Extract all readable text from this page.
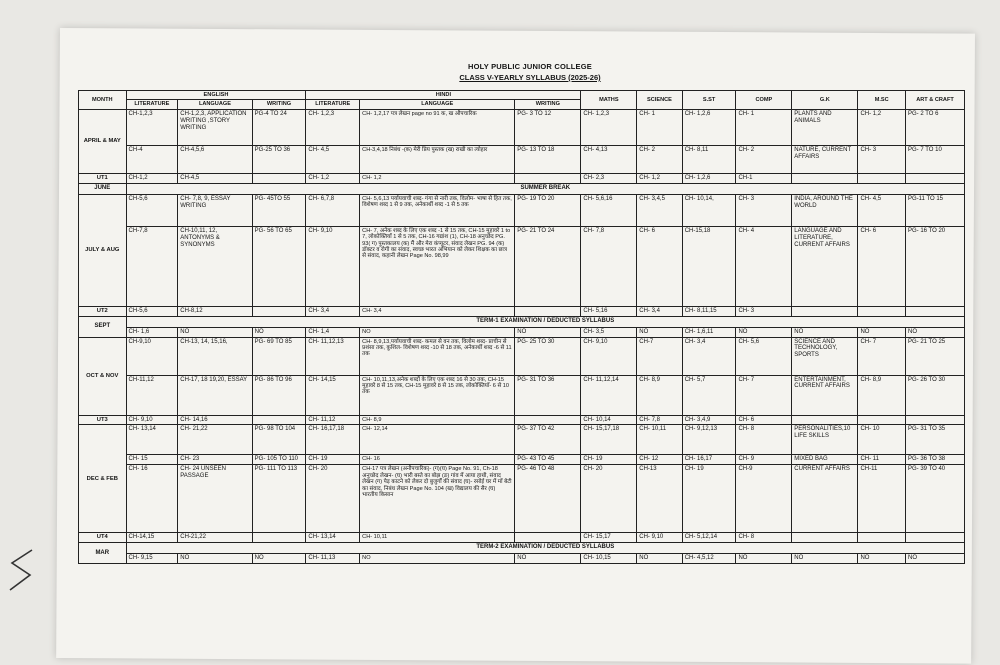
HOLY PUBLIC JUNIOR COLLEGE
CLASS V-YEARLY SYLLABUS (2025-26)
MONTH	ENGLISH			HINDI			MATHS	SCIENCE	S.ST	COMP	G.K	M.SC	ART & CRAFT
	LITERATURE	LANGUAGE	WRITING	LITERATURE	LANGUAGE	WRITING							
APRIL & MAY	CH-1,2,3	CH-1,2,3, APPLICATION WRITING ,STORY WRITING	PG-4 TO 24	CH- 1,2,3	CH- 1,2,17 पत्र लेखन page no 91 क, ख औपचारिक	PG- 3 TO 12	CH- 1,2,3	CH- 1	CH- 1,2,6	CH- 1	PLANTS AND ANIMALS	CH- 1,2	PG- 2 TO 6
	CH-4	CH-4,5,6	PG-25 TO 36	CH- 4,5	CH-3,4,18 निबंध -(क) मेरी प्रिय पुस्तक (ख) राखी का त्योहार	PG- 13 TO 18	CH- 4,13	CH- 2	CH- 8,11	CH- 2	NATURE, CURRENT AFFAIRS	CH- 3	PG- 7 TO 10
UT1	CH-1,2	CH-4,5		CH- 1,2	CH- 1,2		CH- 2,3	CH- 1,2	CH- 1,2,6	CH-1			
JUNE	SUMMER BREAK												
JULY & AUG	CH-5,6	CH- 7,8, 9, ESSAY WRITING	PG- 45TO 55	CH- 6,7,8	CH- 5,6,13 पर्यायवाची शब्द- गंगा से नारी तक, विलोम- भाषा से हित तक, विशेषण शब्द 1 से 9 तक, अनेकार्थी शब्द -1 से 5 तक	PG- 19 TO 20	CH- 5,6,16	CH- 3,4,5	CH- 10,14,	CH- 3	INDIA, AROUND THE WORLD	CH- 4,5	PG-11 TO 15
	CH-7,8	CH-10,11, 12, ANTONYMS & SYNONYMS	PG- 56 TO 65	CH- 9,10	CH- 7, अनेक शब्द के लिए एक शब्द -1 से 15 तक, CH-15 मुहावरे 1 to 7, लोकोक्तियाँ 1 से 5 तक, CH-16 गद्यांश (1), CH-18 अनुच्छेद PG. 93( ग) पुस्तकालय (क) मैं और मेरा कंप्यूटर, संवाद लेखन PG. 94 (क) डॉक्टर व रोगी का संवाद, स्वच्छ भारत अभियान को लेकर शिक्षक का छात्र से संवाद, कहानी लेखन Page No. 98,99	PG- 21 TO 24	CH- 7,8	CH- 6	CH-15,18	CH- 4	LANGUAGE AND LITERATURE, CURRENT AFFAIRS	CH- 6	PG- 16 TO 20
UT2	CH-5,6	CH-8,12		CH- 3,4	CH- 3,4		CH- 5,16	CH- 3,4	CH- 8,11,15	CH- 3			
SEPT	TERM-1 EXAMINATION / DEDUCTED SYLLABUS												
	CH- 1,6	NO	NO	CH- 1,4	NO	NO	CH- 3,5	NO	CH- 1,6,11	NO	NO	NO	NO
OCT & NOV	CH-9,10	CH-13, 14, 15,16,	PG- 69 TO 85	CH- 11,12,13	CH- 8,9,13,पर्यायवाची शब्द- कमल से वन तक, विलोम शब्द- प्राचीन से प्रशंसा तक, कुशिल- विशेषण शब्द -10 से 18 तक, अनेकार्थी शब्द -6 से 11 तक	PG- 25 TO 30	CH- 9,10	CH-7	CH- 3,4	CH- 5,6	SCIENCE AND TECHNOLOGY, SPORTS	CH- 7	PG- 21 TO 25
	CH-11,12	CH-17, 18 19,20, ESSAY	PG- 86 TO 96	CH- 14,15	CH- 10,11,13,अनेक शब्दों के लिए एक शब्द 16 से 30 तक, CH-15 मुहावरे 8 से 15 तक, CH-15 मुहावरे 8 से 15 तक, लोकोक्तियाँ- 6 से 10 तक	PG- 31 TO 36	CH- 11,12,14	CH- 8,9	CH- 5,7	CH- 7	ENTERTAINMENT, CURRENT AFFAIRS	CH- 8,9	PG- 26 TO 30
UT3	CH- 9,10	CH- 14,16		CH- 11,12	CH- 8,9		CH- 10,14	CH- 7,8	CH- 3,4,9	CH- 6			
DEC & FEB	CH- 13,14	CH- 21,22	PG- 98 TO 104	CH- 16,17,18	CH- 12,14	PG- 37 TO 42	CH- 15,17,18	CH- 10,11	CH- 9,12,13	CH- 8	PERSONALITIES,10 LIFE SKILLS	CH- 10	PG- 31 TO 35
	CH- 15	CH- 23	PG- 105 TO 110	CH- 19	CH- 16	PG- 43 TO 45	CH- 19	CH- 12	CH- 16,17	CH- 9	MIXED BAG	CH- 11	PG- 36 TO 38
	CH- 16	CH- 24 UNSEEN PASSAGE	PG- 111 TO 113	CH- 20	CH-17 पत्र लेखन (अनौपचारिक)- (ग)(घ) Page No. 91, Ch-18 अनुच्छेद लेखन- (घ) भारी बस्ते का बोझ (ङ) गांव में आया हाथी, संवाद लेखन (ग) पेड़ काटने को लेकर दो बुजुर्गों की संवाद (घ)- रसोई घर में माँ बेटी का संवाद, निबंध लेखन Page No. 104 (ख) विद्यालय की सैर (घ) भारतीय किसान	PG- 46 TO 48	CH- 20	CH-13	CH- 19	CH-9	CURRENT AFFAIRS	CH-11	PG- 39 TO 40
UT4	CH-14,15	CH-21,22		CH- 13,14	CH- 10,11		CH- 15,17	CH- 9,10	CH- 5,12,14	CH- 8			
MAR	TERM-2 EXAMINATION / DEDUCTED SYLLABUS												
	CH- 9,15	NO	NO	CH- 11,13	NO	NO	CH- 10,15	NO	CH- 4,5,12	NO	NO	NO	NO
